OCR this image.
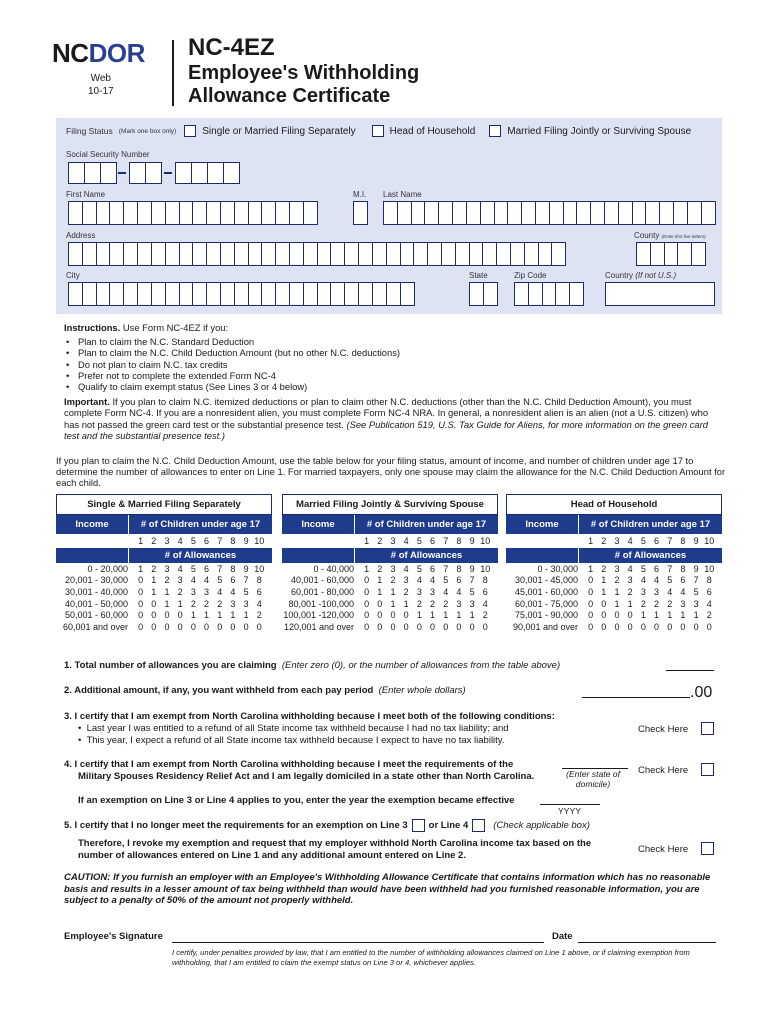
NCDOR
Web
10-17
NC-4EZ
Employee's Withholding
Allowance Certificate
Filing Status (Mark one box only)	Single or Married Filing Separately	Head of Household	Married Filing Jointly or Surviving Spouse
Social Security Number
First Name	M.I. Last Name
Address	County (Enter first five letters)
City	State	Zip Code	Country (If not U.S.)
Instructions. Use Form NC-4EZ if you:
• Plan to claim the N.C. Standard Deduction
• Plan to claim the N.C. Child Deduction Amount (but no other N.C. deductions)
• Do not plan to claim N.C. tax credits
• Prefer not to complete the extended Form NC-4
• Qualify to claim exempt status (See Lines 3 or 4 below)
Important. If you plan to claim N.C. itemized deductions or plan to claim other N.C. deductions (other than the N.C. Child Deduction Amount), you must complete Form NC-4. If you are a nonresident alien, you must complete Form NC-4 NRA. In general, a nonresident alien is an alien (not a U.S. citizen) who has not passed the green card test or the substantial presence test. (See Publication 519, U.S. Tax Guide for Aliens, for more information on the green card test and the substantial presence test.)
If you plan to claim the N.C. Child Deduction Amount, use the table below for your filing status, amount of income, and number of children under age 17 to determine the number of allowances to enter on Line 1. For married taxpayers, only one spouse may claim the allowance for the N.C. Child Deduction Amount for each child.
Single & Married Filing Separately
Income	# of Children under age 17
1 2 3 4 5 6 7 8 9 10
# of Allowances
0 - 20,000	1 2 3 4 5 6 7 8 9 10
20,001 - 30,000	0 1 2 3 4 4 5 6 7 8
30,001 - 40,000	0 1 1 2 3 3 4 4 5 6
40,001 - 50,000	0 0 1 1 2 2 2 3 3 4
50,001 - 60,000	0 0 0 0 1 1 1 1 1 2
60,001 and over	0 0 0 0 0 0 0 0 0 0
Married Filing Jointly & Surviving Spouse
Income	# of Children under age 17
1 2 3 4 5 6 7 8 9 10
# of Allowances
0 - 40,000	1 2 3 4 5 6 7 8 9 10
40,001 - 60,000	0 1 2 3 4 4 5 6 7 8
60,001 - 80,000	0 1 1 2 3 3 4 4 5 6
80,001 -100,000	0 0 1 1 2 2 2 3 3 4
100,001 -120,000	0 0 0 0 1 1 1 1 1 2
120,001 and over	0 0 0 0 0 0 0 0 0 0
Head of Household
Income	# of Children under age 17
1 2 3 4 5 6 7 8 9 10
# of Allowances
0 - 30,000	1 2 3 4 5 6 7 8 9 10
30,001 - 45,000	0 1 2 3 4 4 5 6 7 8
45,001 - 60,000	0 1 1 2 3 3 4 4 5 6
60,001 - 75,000	0 0 1 1 2 2 2 3 3 4
75,001 - 90,000	0 0 0 0 1 1 1 1 1 2
90,001 and over	0 0 0 0 0 0 0 0 0 0
1. Total number of allowances you are claiming (Enter zero (0), or the number of allowances from the table above)
2. Additional amount, if any, you want withheld from each pay period (Enter whole dollars)	.00
3. I certify that I am exempt from North Carolina withholding because I meet both of the following conditions:
•  Last year I was entitled to a refund of all State income tax withheld because I had no tax liability; and
•  This year, I expect a refund of all State income tax withheld because I expect to have no tax liability.
Check Here
4. I certify that I am exempt from North Carolina withholding because I meet the requirements of the
Military Spouses Residency Relief Act and I am legally domiciled in a state other than North Carolina.	(Enter state of
domicile)
Check Here
If an exemption on Line 3 or Line 4 applies to you, enter the year the exemption became effective
YYYY
5. I certify that I no longer meet the requirements for an exemption on Line 3 or Line 4	(Check applicable box)
Therefore, I revoke my exemption and request that my employer withhold North Carolina income tax based on the
number of allowances entered on Line 1 and any additional amount entered on Line 2.
Check Here
CAUTION: If you furnish an employer with an Employee's Withholding Allowance Certificate that contains information which has no reasonable basis and results in a lesser amount of tax being withheld than would have been withheld had you furnished reasonable information, you are subject to a penalty of 50% of the amount not properly withheld.
Employee's Signature	Date
I certify, under penalties provided by law, that I am entitled to the number of withholding allowances claimed on Line 1 above, or if claiming exemption from withholding, that I am entitled to claim the exempt status on Line 3 or 4, whichever applies.
